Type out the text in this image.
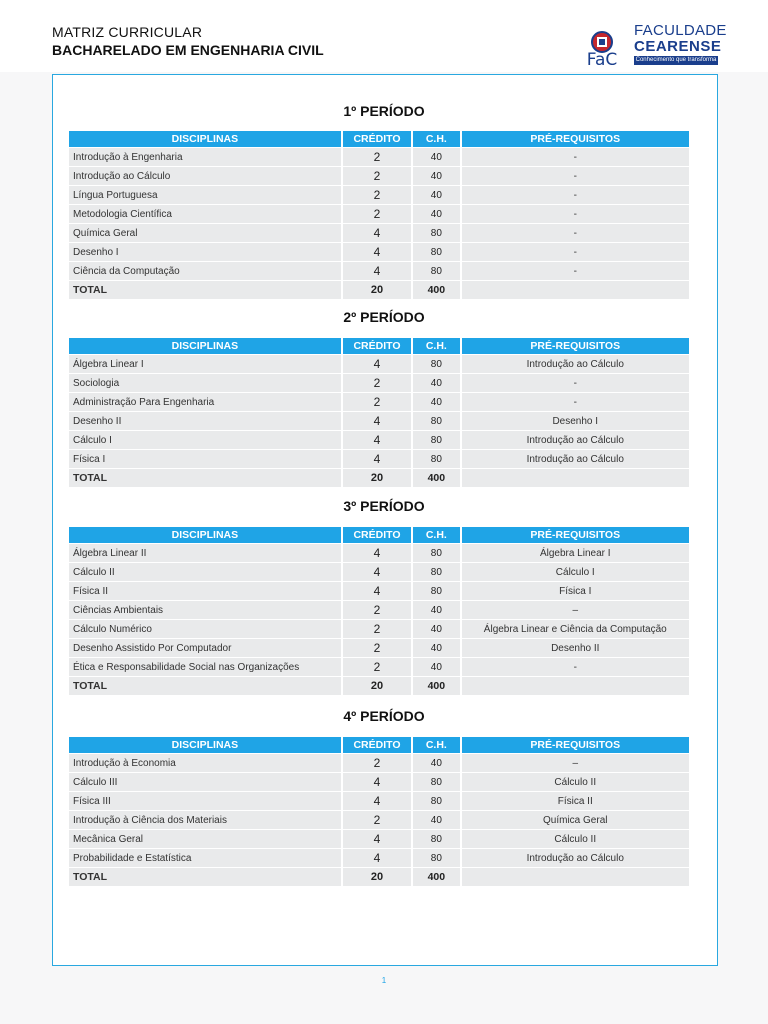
MATRIZ CURRICULAR
BACHARELADO EM ENGENHARIA CIVIL	FaC
FACULDADE
CEARENSE
Conhecimento que transforma
1º PERÍODO
DISCIPLINAS	CRÉDITO	C.H.	PRÉ-REQUISITOS
Introdução à Engenharia	2	40	-
Introdução ao Cálculo	2	40	-
Língua Portuguesa	2	40	-
Metodologia Científica	2	40	-
Química Geral	4	80	-
Desenho I	4	80	-
Ciência da Computação	4	80	-
TOTAL	20	400	
2º PERÍODO
DISCIPLINAS	CRÉDITO	C.H.	PRÉ-REQUISITOS
Álgebra Linear I	4	80	Introdução ao Cálculo
Sociologia	2	40	-
Administração Para Engenharia	2	40	-
Desenho II	4	80	Desenho I
Cálculo I	4	80	Introdução ao Cálculo
Física I	4	80	Introdução ao Cálculo
TOTAL	20	400	
3º PERÍODO
DISCIPLINAS	CRÉDITO	C.H.	PRÉ-REQUISITOS
Álgebra Linear II	4	80	Álgebra Linear I
Cálculo II	4	80	Cálculo I
Física II	4	80	Física I
Ciências Ambientais	2	40	–
Cálculo Numérico	2	40	Álgebra Linear e Ciência da Computação
Desenho Assistido Por Computador	2	40	Desenho II
Ética e Responsabilidade Social nas Organizações	2	40	-
TOTAL	20	400	
4º PERÍODO
DISCIPLINAS	CRÉDITO	C.H.	PRÉ-REQUISITOS
Introdução à Economia	2	40	–
Cálculo III	4	80	Cálculo II
Física III	4	80	Física II
Introdução à Ciência dos Materiais	2	40	Química Geral
Mecânica Geral	4	80	Cálculo II
Probabilidade e Estatística	4	80	Introdução ao Cálculo
TOTAL	20	400	
1
